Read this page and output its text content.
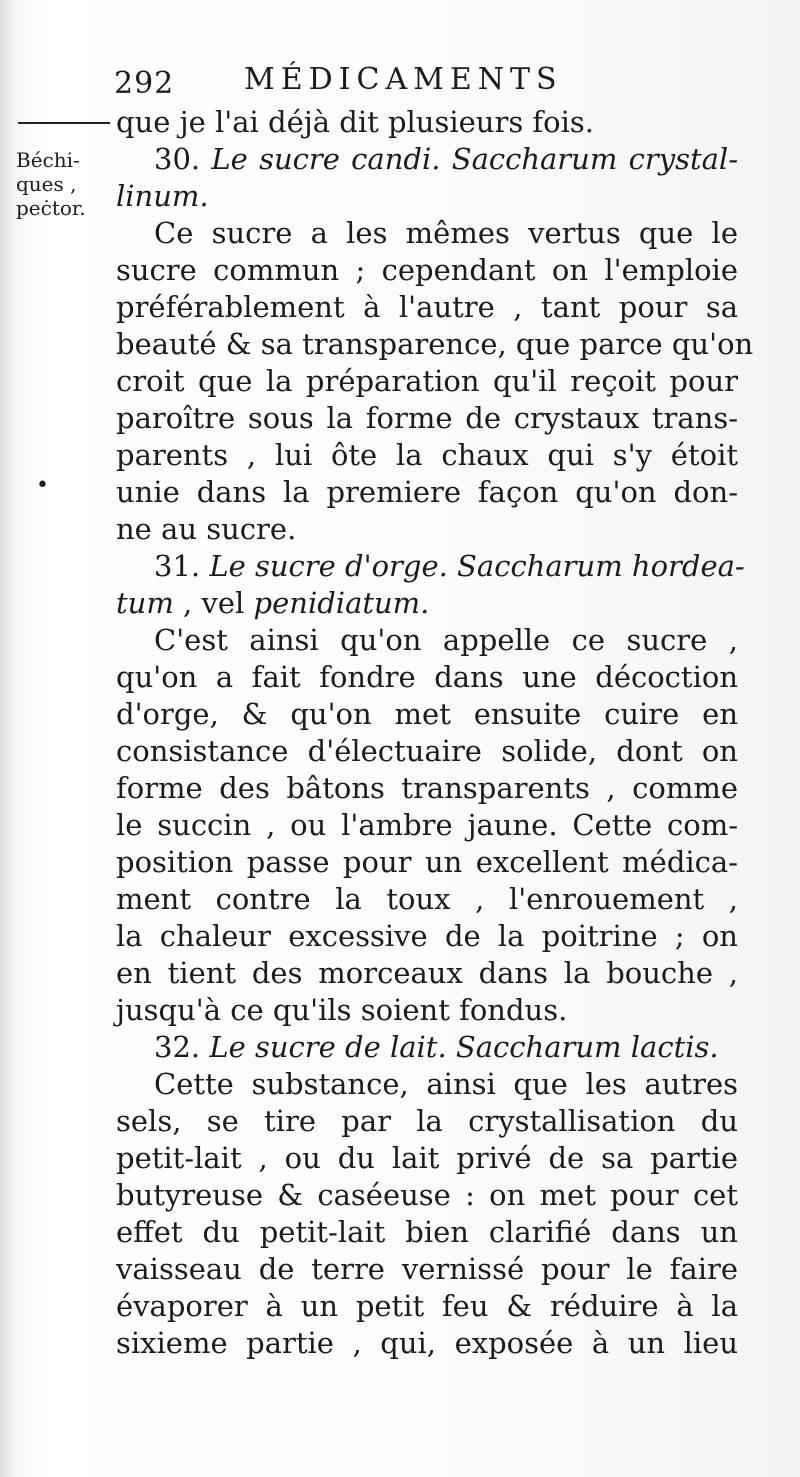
292 MÉDICAMENTS
Béchi-
ques ,
peċtor.
•
que je l'ai déjà dit plusieurs fois.
30. Le sucre candi. Saccharum crystal-
linum.
Ce sucre a les mêmes vertus que le
sucre commun ; cependant on l'emploie
préférablement à l'autre , tant pour sa
beauté & sa transparence, que parce qu'on
croit que la préparation qu'il reçoit pour
paroître sous la forme de crystaux trans-
parents , lui ôte la chaux qui s'y étoit
unie dans la premiere façon qu'on don-
ne au sucre.
31. Le sucre d'orge. Saccharum hordea-
tum , vel penidiatum.
C'est ainsi qu'on appelle ce sucre ,
qu'on a fait fondre dans une décoction
d'orge, & qu'on met ensuite cuire en
consistance d'électuaire solide, dont on
forme des bâtons transparents , comme
le succin , ou l'ambre jaune. Cette com-
position passe pour un excellent médica-
ment contre la toux , l'enrouement ,
la chaleur excessive de la poitrine ; on
en tient des morceaux dans la bouche ,
jusqu'à ce qu'ils soient fondus.
32. Le sucre de lait. Saccharum lactis.
Cette substance, ainsi que les autres
sels, se tire par la crystallisation du
petit-lait , ou du lait privé de sa partie
butyreuse & caséeuse : on met pour cet
effet du petit-lait bien clarifié dans un
vaisseau de terre vernissé pour le faire
évaporer à un petit feu & réduire à la
sixieme partie , qui, exposée à un lieu
